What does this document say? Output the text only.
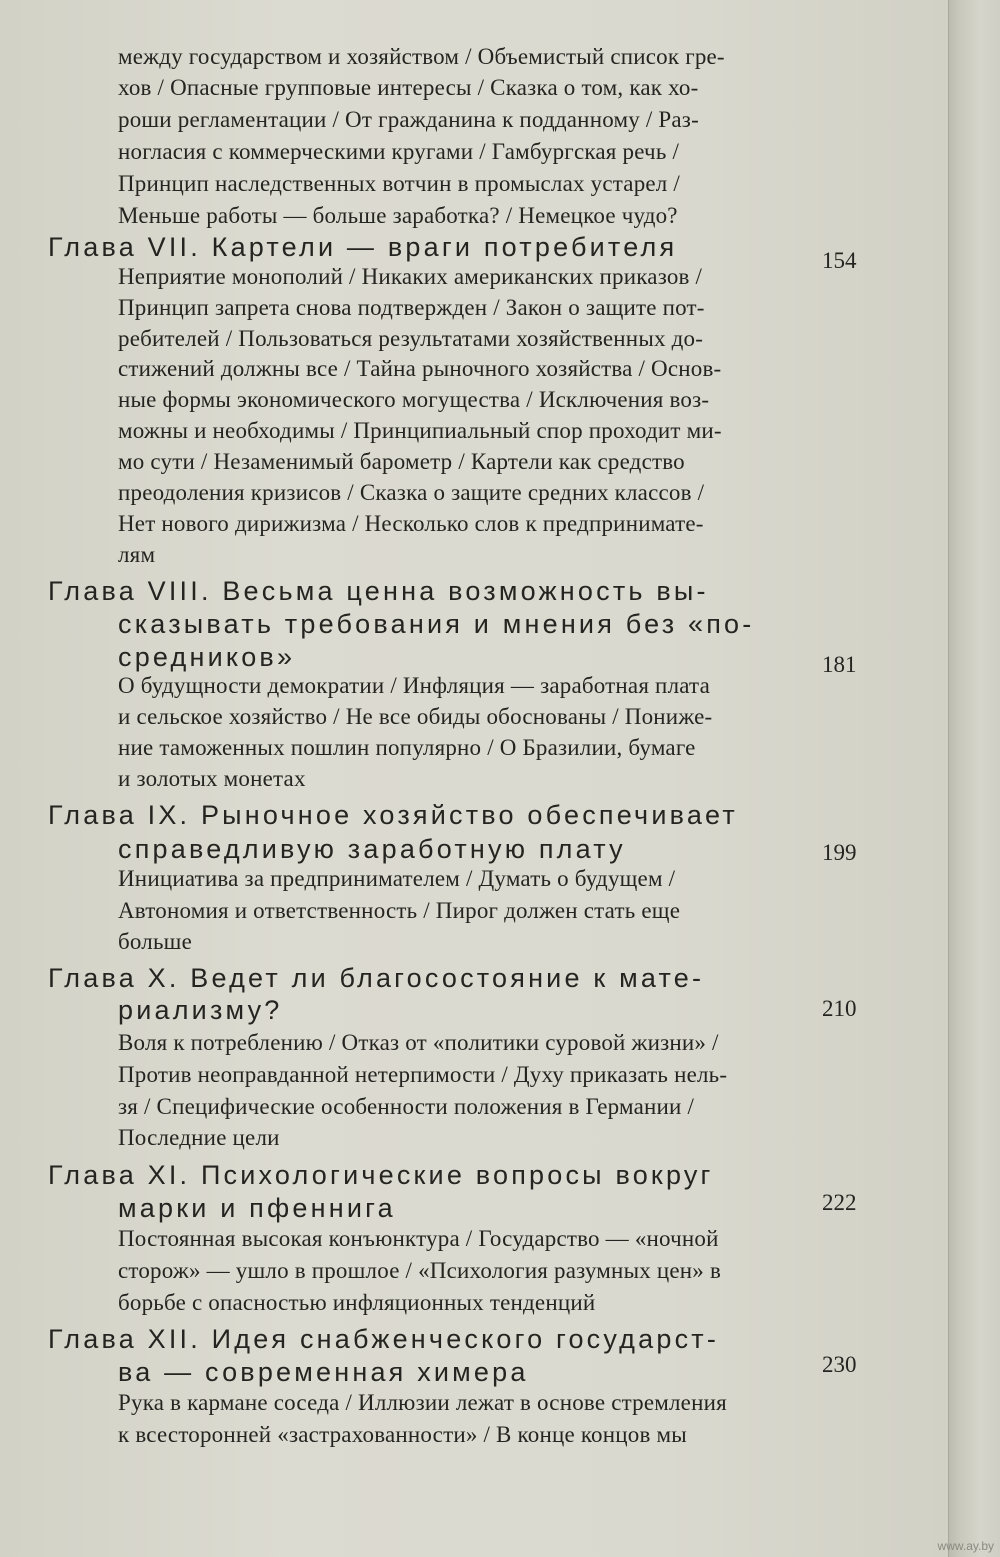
между государством и хозяйством / Объемистый список гре-
хов / Опасные групповые интересы / Сказка о том, как хо-
роши регламентации / От гражданина к подданному / Раз-
ногласия с коммерческими кругами / Гамбургская речь /
Принцип наследственных вотчин в промыслах устарел /
Меньше работы — больше заработка? / Немецкое чудо?
Глава VII. Картели — враги потребителя	154
Неприятие монополий / Никаких американских приказов /
Принцип запрета снова подтвержден / Закон о защите пот-
ребителей / Пользоваться результатами хозяйственных до-
стижений должны все / Тайна рыночного хозяйства / Основ-
ные формы экономического могущества / Исключения воз-
можны и необходимы / Принципиальный спор проходит ми-
мо сути / Незаменимый барометр / Картели как средство
преодоления кризисов / Сказка о защите средних классов /
Нет нового дирижизма / Несколько слов к предпринимате-
лям
Глава VIII. Весьма ценна возможность вы-
сказывать требования и мнения без «по-
средников»	181
О будущности демократии / Инфляция — заработная плата
и сельское хозяйство / Не все обиды обоснованы / Пониже-
ние таможенных пошлин популярно / О Бразилии, бумаге
и золотых монетах
Глава IX. Рыночное хозяйство обеспечивает
справедливую заработную плату	199
Инициатива за предпринимателем / Думать о будущем /
Автономия и ответственность / Пирог должен стать еще
больше
Глава X. Ведет ли благосостояние к мате-
риализму?	210
Воля к потреблению / Отказ от «политики суровой жизни» /
Против неоправданной нетерпимости / Духу приказать нель-
зя / Специфические особенности положения в Германии /
Последние цели
Глава XI. Психологические вопросы вокруг
марки и пфеннига	222
Постоянная высокая конъюнктура / Государство — «ночной
сторож» — ушло в прошлое / «Психология разумных цен» в
борьбе с опасностью инфляционных тенденций
Глава XII. Идея снабженческого государст-
ва — современная химера	230
Рука в кармане соседа / Иллюзии лежат в основе стремления
к всесторонней «застрахованности» / В конце концов мы
www.ay.by
